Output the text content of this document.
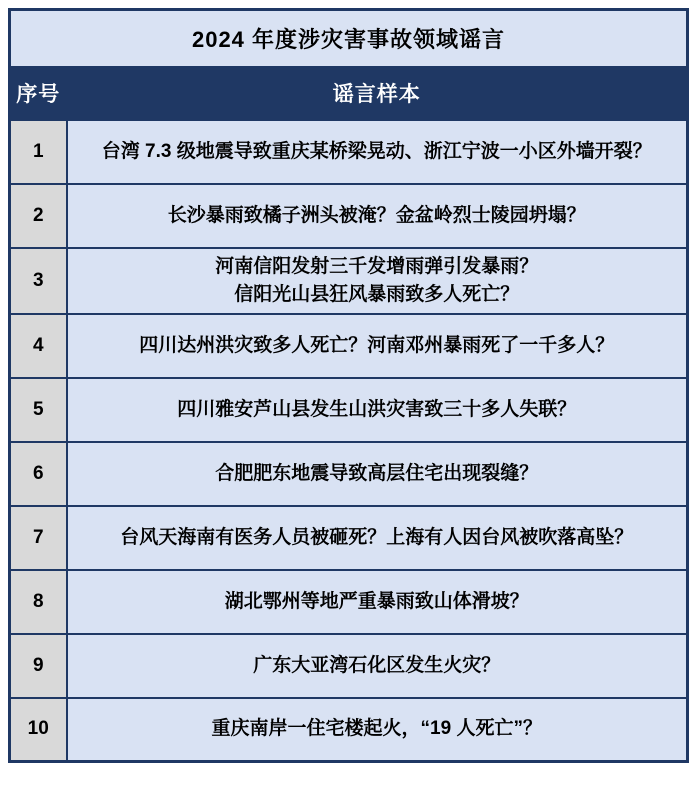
2024 年度涉灾害事故领域谣言	
序号	谣言样本
1	台湾 7.3 级地震导致重庆某桥梁晃动、浙江宁波一小区外墙开裂？

2	长沙暴雨致橘子洲头被淹？金盆岭烈士陵园坍塌？

3	河南信阳发射三千发增雨弹引发暴雨？
信阳光山县狂风暴雨致多人死亡？

4	四川达州洪灾致多人死亡？河南邓州暴雨死了一千多人？

5	四川雅安芦山县发生山洪灾害致三十多人失联？

6	合肥肥东地震导致高层住宅出现裂缝？

7	台风天海南有医务人员被砸死？上海有人因台风被吹落高坠？

8	湖北鄂州等地严重暴雨致山体滑坡？

9	广东大亚湾石化区发生火灾？

10	重庆南岸一住宅楼起火，“19 人死亡”？
